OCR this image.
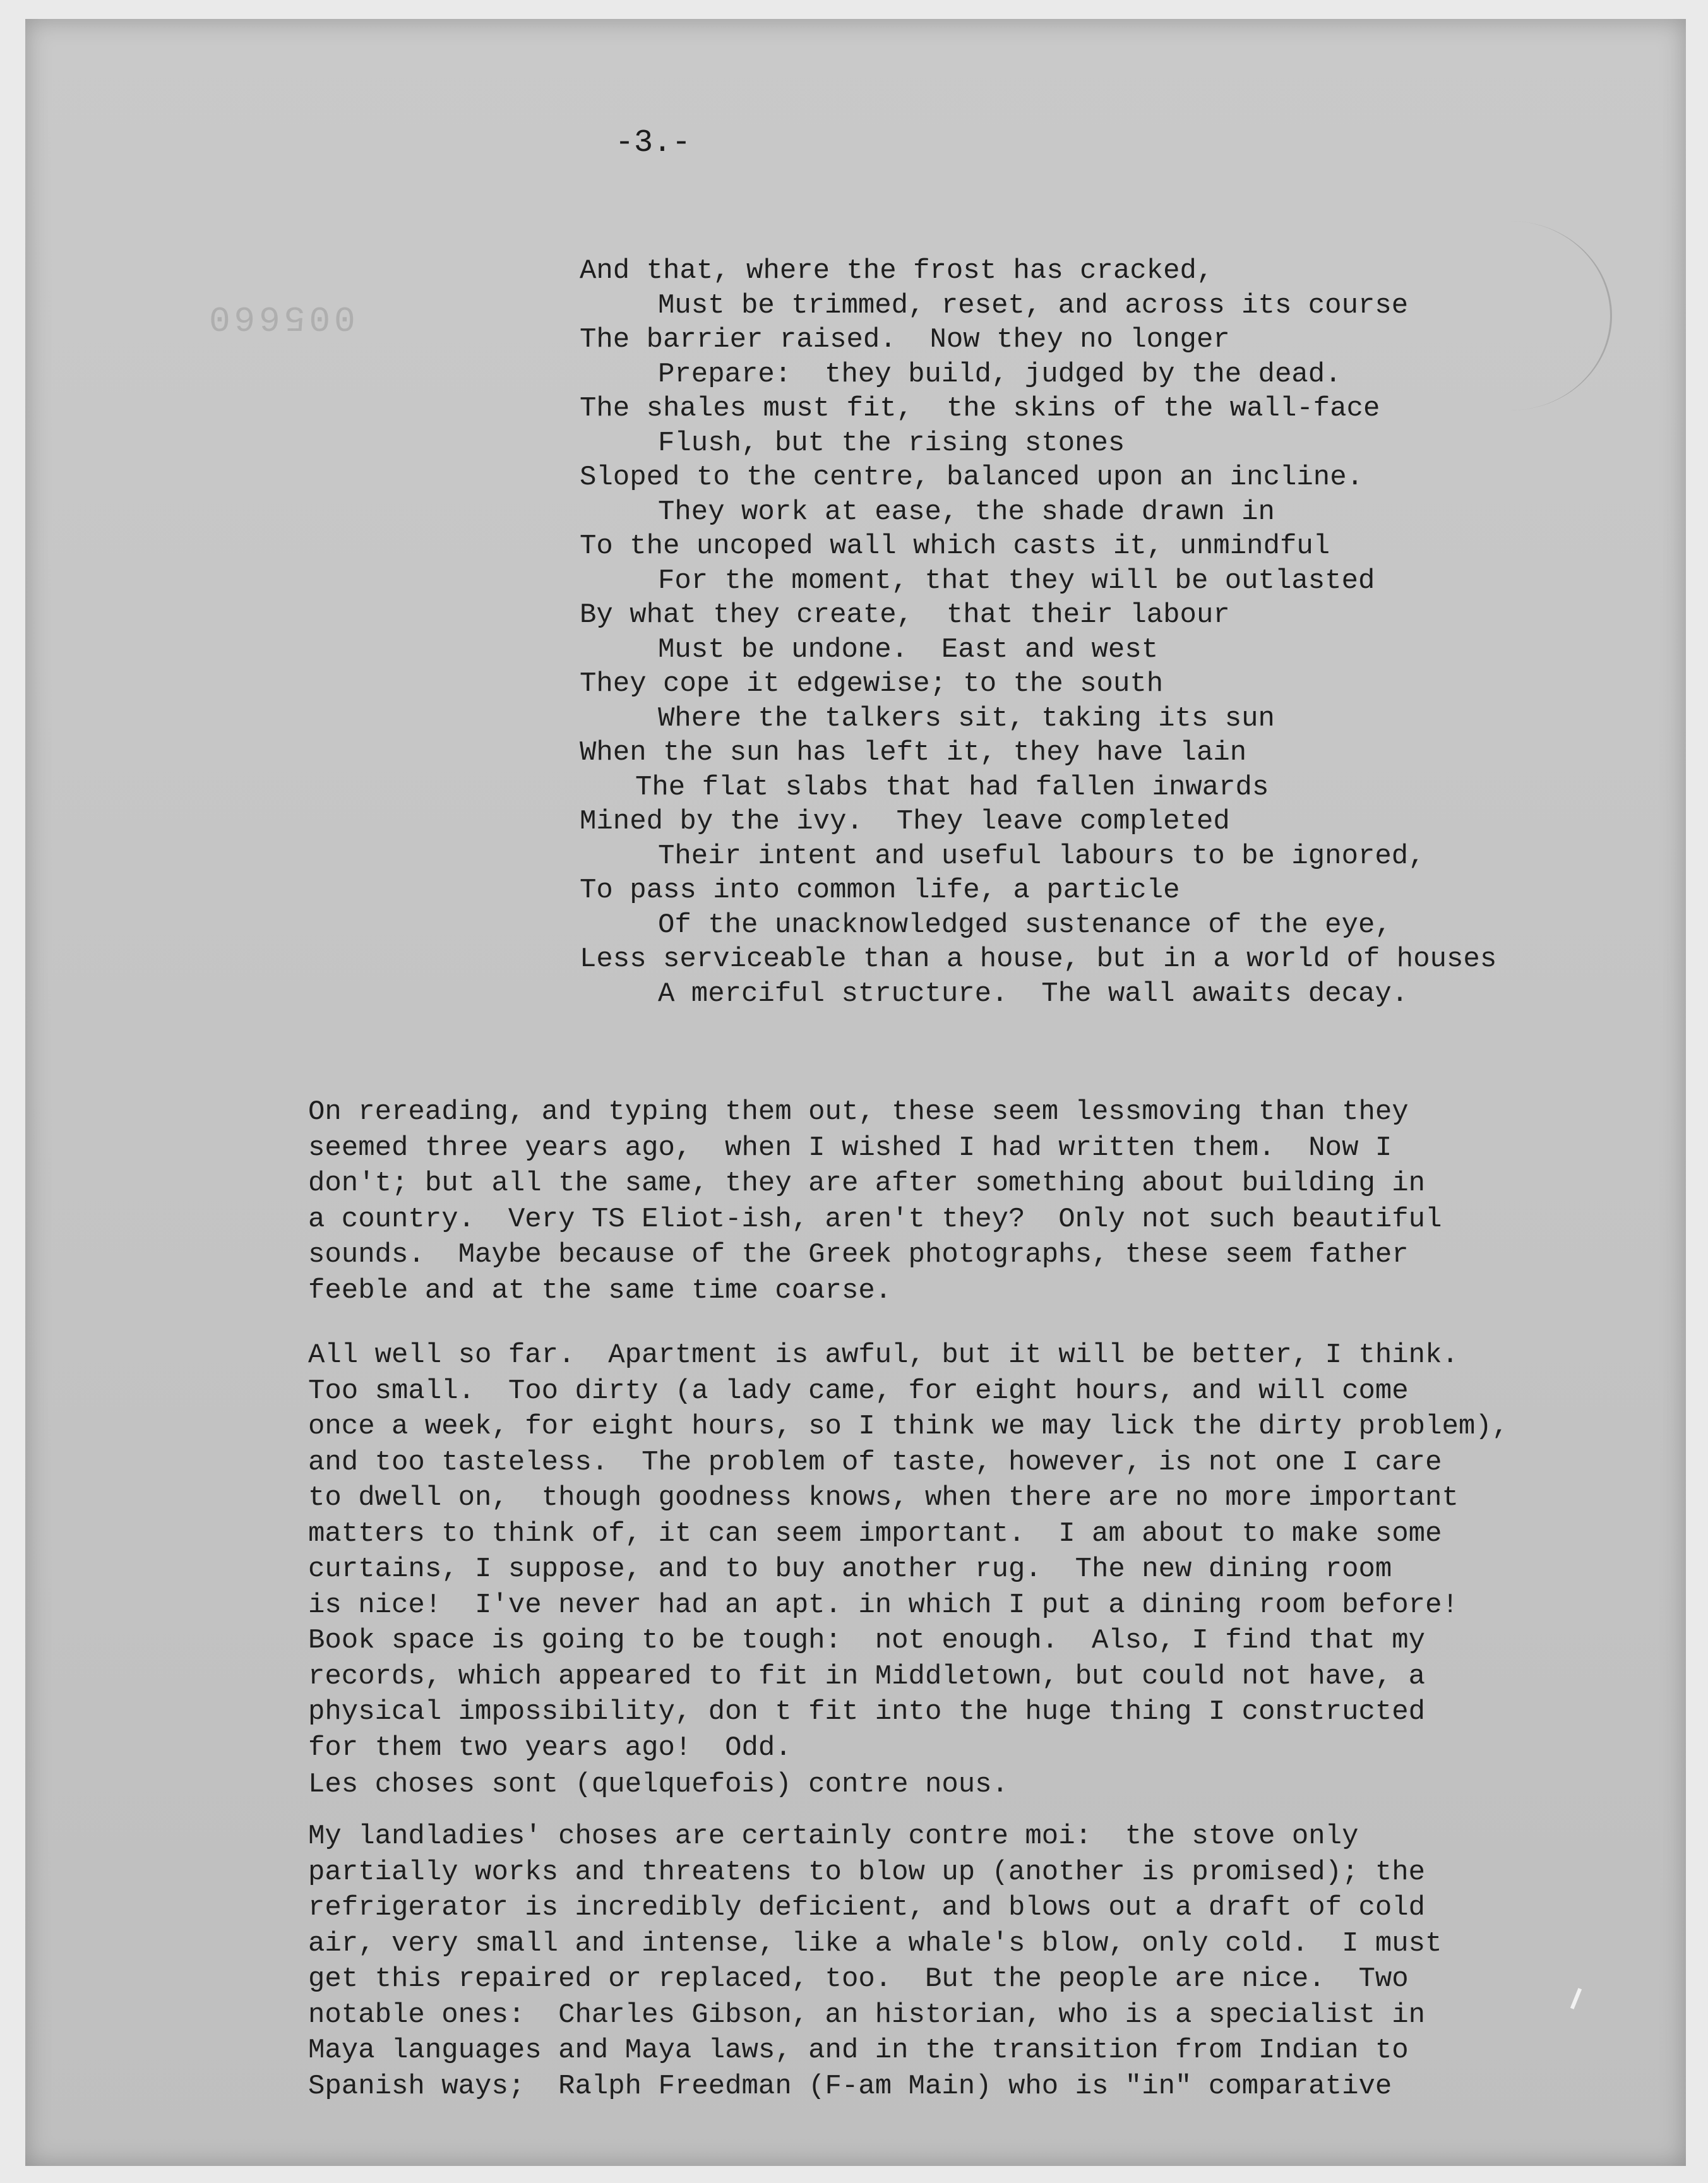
005660

-3.-

And that, where the frost has cracked,
Must be trimmed, reset, and across its course
The barrier raised.  Now they no longer
Prepare:  they build, judged by the dead.
The shales must fit,  the skins of the wall-face
Flush, but the rising stones
Sloped to the centre, balanced upon an incline.
They work at ease, the shade drawn in
To the uncoped wall which casts it, unmindful
For the moment, that they will be outlasted
By what they create,  that their labour
Must be undone.  East and west
They cope it edgewise; to the south
Where the talkers sit, taking its sun
When the sun has left it, they have lain
The flat slabs that had fallen inwards
Mined by the ivy.  They leave completed
Their intent and useful labours to be ignored,
To pass into common life, a particle
Of the unacknowledged sustenance of the eye,
Less serviceable than a house, but in a world of houses
A merciful structure.  The wall awaits decay.

On rereading, and typing them out, these seem lessmoving than they
seemed three years ago,  when I wished I had written them.  Now I
don't; but all the same, they are after something about building in
a country.  Very TS Eliot-ish, aren't they?  Only not such beautiful
sounds.  Maybe because of the Greek photographs, these seem father
feeble and at the same time coarse.

All well so far.  Apartment is awful, but it will be better, I think.
Too small.  Too dirty (a lady came, for eight hours, and will come
once a week, for eight hours, so I think we may lick the dirty problem),
and too tasteless.  The problem of taste, however, is not one I care
to dwell on,  though goodness knows, when there are no more important
matters to think of, it can seem important.  I am about to make some
curtains, I suppose, and to buy another rug.  The new dining room
is nice!  I've never had an apt. in which I put a dining room before!
Book space is going to be tough:  not enough.  Also, I find that my
records, which appeared to fit in Middletown, but could not have, a
physical impossibility, don t fit into the huge thing I constructed
for them two years ago!  Odd.

Les choses sont (quelquefois) contre nous.

My landladies' choses are certainly contre moi:  the stove only
partially works and threatens to blow up (another is promised); the
refrigerator is incredibly deficient, and blows out a draft of cold
air, very small and intense, like a whale's blow, only cold.  I must
get this repaired or replaced, too.  But the people are nice.  Two
notable ones:  Charles Gibson, an historian, who is a specialist in
Maya languages and Maya laws, and in the transition from Indian to
Spanish ways;  Ralph Freedman (F-am Main) who is "in" comparative
